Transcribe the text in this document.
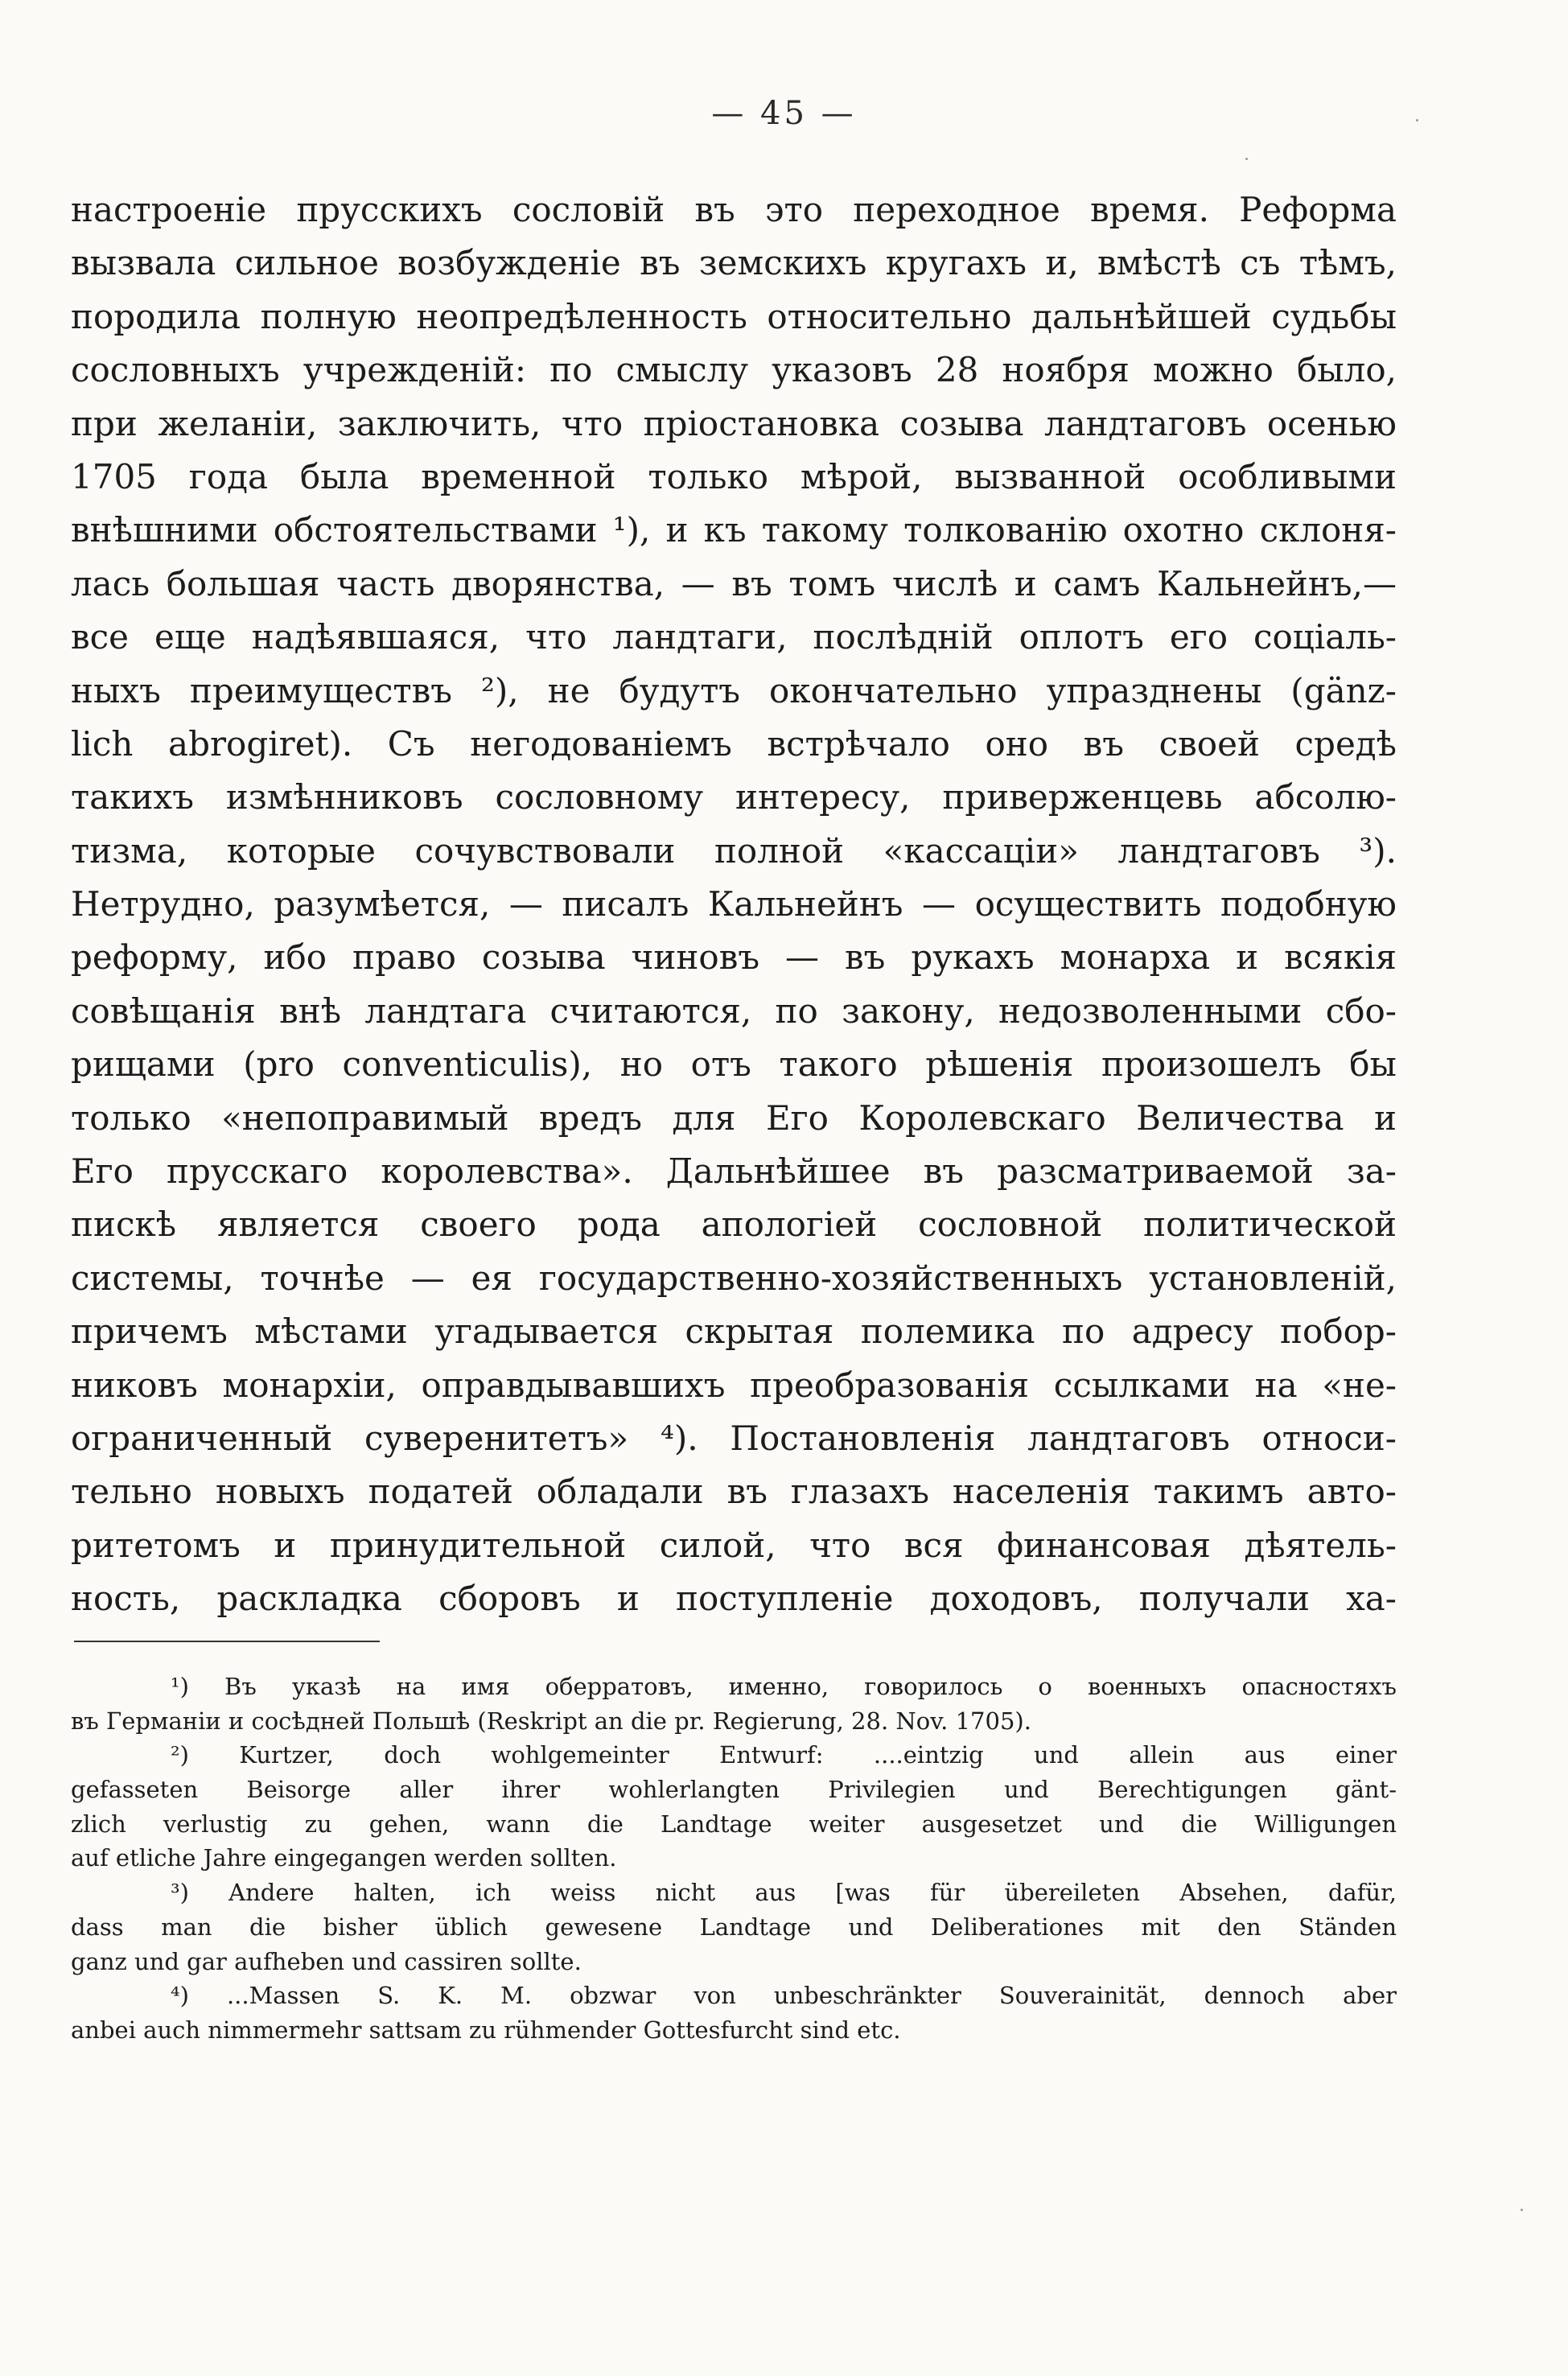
— 45 —
настроеніе прусскихъ сословій въ это переходное время. Реформа
вызвала сильное возбужденіе въ земскихъ кругахъ и, вмѣстѣ съ тѣмъ,
породила полную неопредѣленность относительно дальнѣйшей судьбы
сословныхъ учрежденій: по смыслу указовъ 28 ноября можно было,
при желаніи, заключить, что пріостановка созыва ландтаговъ осенью
1705 года была временной только мѣрой, вызванной особливыми
внѣшними обстоятельствами ¹), и къ такому толкованію охотно склоня-
лась большая часть дворянства, — въ томъ числѣ и самъ Кальнейнъ,—
все еще надѣявшаяся, что ландтаги, послѣдній оплотъ его соціаль-
ныхъ преимуществъ ²), не будутъ окончательно упразднены (gänz-
lich abrogiret). Съ негодованіемъ встрѣчало оно въ своей средѣ
такихъ измѣнниковъ сословному интересу, приверженцевь абсолю-
тизма, которые сочувствовали полной «кассаціи» ландтаговъ ³).
Нетрудно, разумѣется, — писалъ Кальнейнъ — осуществить подобную
реформу, ибо право созыва чиновъ — въ рукахъ монарха и всякія
совѣщанія внѣ ландтага считаются, по закону, недозволенными сбо-
рищами (pro conventiculis), но отъ такого рѣшенія произошелъ бы
только «непоправимый вредъ для Его Королевскаго Величества и
Его прусскаго королевства». Дальнѣйшее въ разсматриваемой за-
пискѣ является своего рода апологіей сословной политической
системы, точнѣе — ея государственно-хозяйственныхъ установленій,
причемъ мѣстами угадывается скрытая полемика по адресу побор-
никовъ монархіи, оправдывавшихъ преобразованія ссылками на «не-
ограниченный суверенитетъ» ⁴). Постановленія ландтаговъ относи-
тельно новыхъ податей обладали въ глазахъ населенія такимъ авто-
ритетомъ и принудительной силой, что вся финансовая дѣятель-
ность, раскладка сборовъ и поступленіе доходовъ, получали ха-
¹) Въ указѣ на имя оберратовъ, именно, говорилось о военныхъ опасностяхъ
въ Германіи и сосѣдней Польшѣ (Reskript an die pr. Regierung, 28. Nov. 1705).
²) Kurtzer, doch wohlgemeinter Entwurf: ....eintzig und allein aus einer
gefasseten Beisorge aller ihrer wohlerlangten Privilegien und Berechtigungen gänt-
zlich verlustig zu gehen, wann die Landtage weiter ausgesetzet und die Willigungen
auf etliche Jahre eingegangen werden sollten.
³) Andere halten, ich weiss nicht aus [was für übereileten Absehen, dafür,
dass man die bisher üblich gewesene Landtage und Deliberationes mit den Ständen
ganz und gar aufheben und cassiren sollte.
⁴) ...Massen S. K. M. obzwar von unbeschränkter Souverainität, dennoch aber
anbei auch nimmermehr sattsam zu rühmender Gottesfurcht sind etc.
